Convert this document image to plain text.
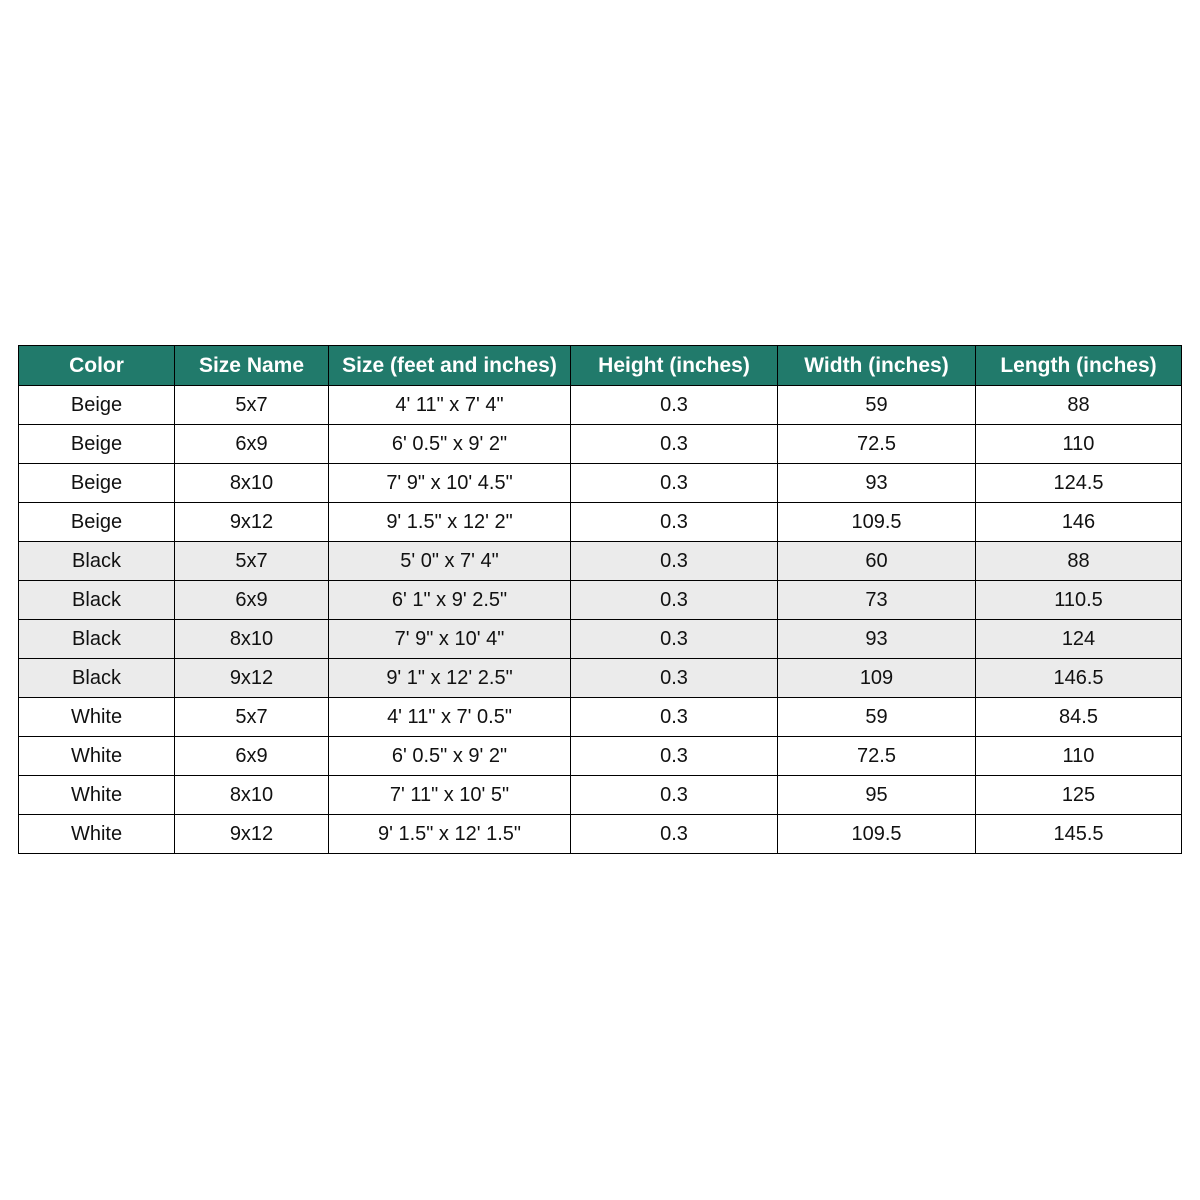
Color	Size Name	Size (feet and inches)	Height (inches)	Width (inches)	Length (inches)
Beige	5x7	4' 11" x 7' 4"	0.3	59	88
Beige	6x9	6' 0.5" x 9' 2"	0.3	72.5	110
Beige	8x10	7' 9" x 10' 4.5"	0.3	93	124.5
Beige	9x12	9' 1.5" x 12' 2"	0.3	109.5	146
Black	5x7	5' 0" x 7' 4"	0.3	60	88
Black	6x9	6' 1" x 9' 2.5"	0.3	73	110.5
Black	8x10	7' 9" x 10' 4"	0.3	93	124
Black	9x12	9' 1" x 12' 2.5"	0.3	109	146.5
White	5x7	4' 11" x 7' 0.5"	0.3	59	84.5
White	6x9	6' 0.5" x 9' 2"	0.3	72.5	110
White	8x10	7' 11" x 10' 5"	0.3	95	125
White	9x12	9' 1.5" x 12' 1.5"	0.3	109.5	145.5
